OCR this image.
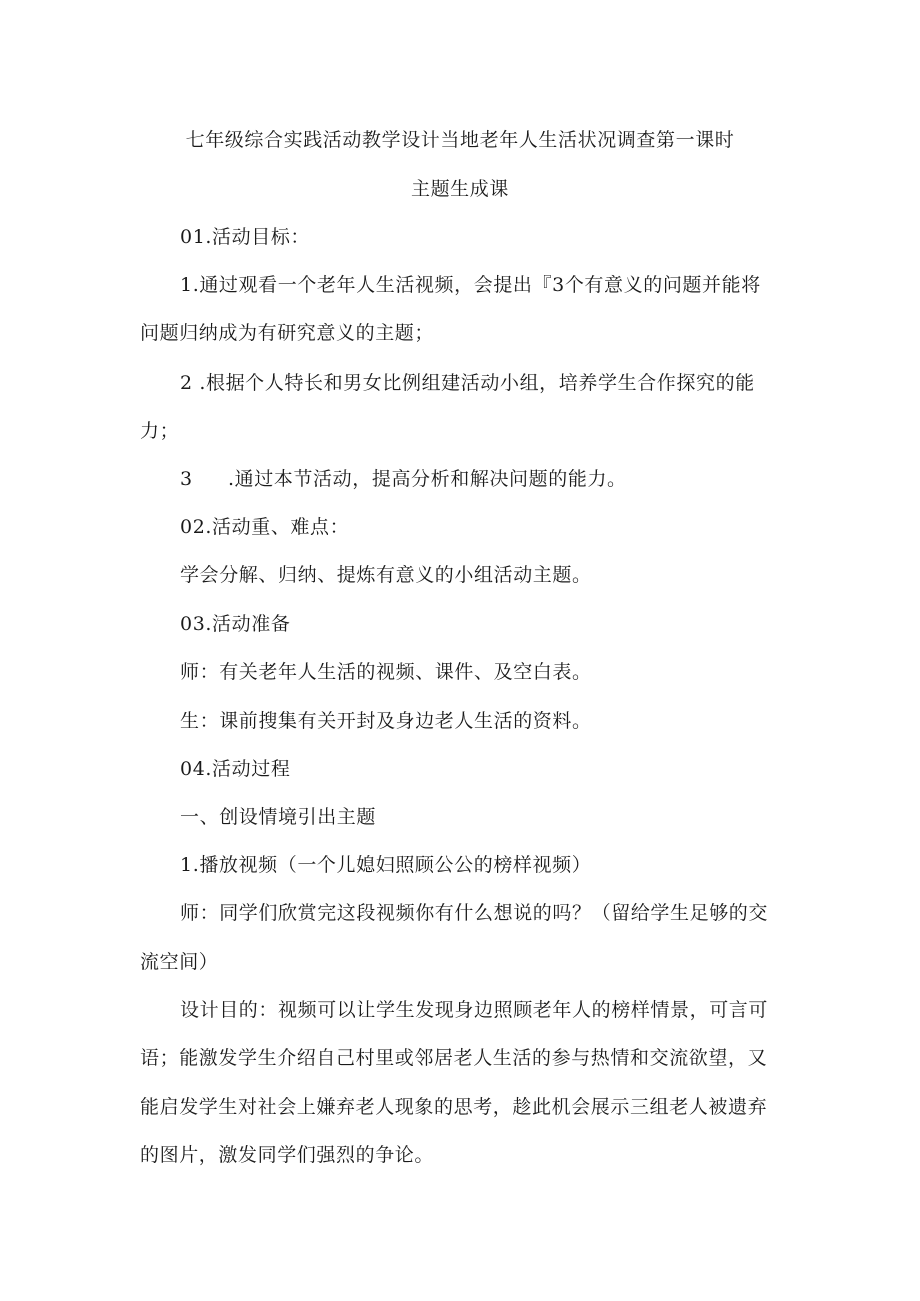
七年级综合实践活动教学设计当地老年人生活状况调查第一课时
主题生成课
01.活动目标：
1.通过观看一个老年人生活视频，会提出『3个有意义的问题并能将
问题归纳成为有研究意义的主题；
2 .根据个人特长和男女比例组建活动小组，培养学生合作探究的能
力；
3 .通过本节活动，提高分析和解决问题的能力。
02.活动重、难点：
学会分解、归纳、提炼有意义的小组活动主题。
03.活动准备
师：有关老年人生活的视频、课件、及空白表。
生：课前搜集有关开封及身边老人生活的资料。
04.活动过程
一、创设情境引出主题
1.播放视频（一个儿媳妇照顾公公的榜样视频）
师：同学们欣赏完这段视频你有什么想说的吗？（留给学生足够的交
流空间）
设计目的：视频可以让学生发现身边照顾老年人的榜样情景，可言可
语；能激发学生介绍自己村里或邻居老人生活的参与热情和交流欲望，又
能启发学生对社会上嫌弃老人现象的思考，趁此机会展示三组老人被遗弃
的图片，激发同学们强烈的争论。
